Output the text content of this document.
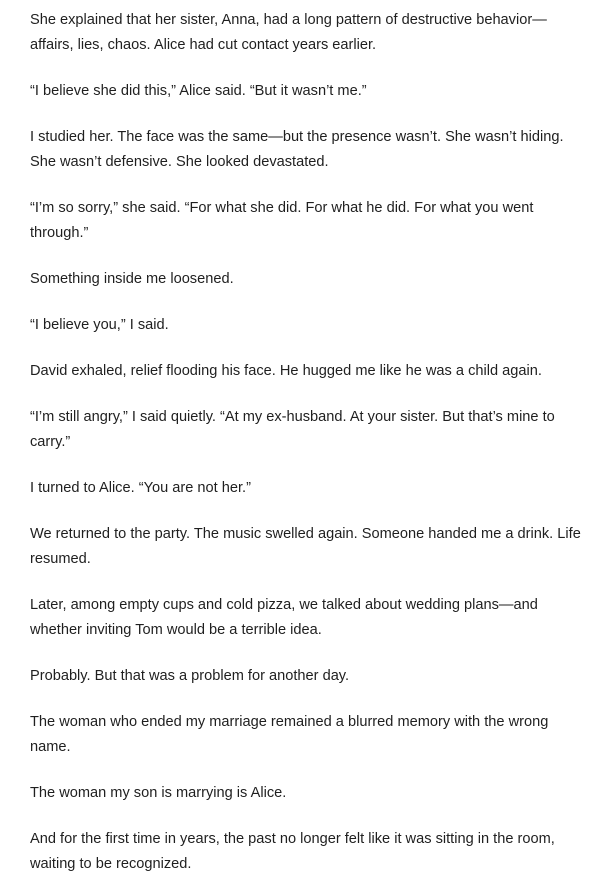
She explained that her sister, Anna, had a long pattern of destructive behavior—affairs, lies, chaos. Alice had cut contact years earlier.

“I believe she did this,” Alice said. “But it wasn’t me.”

I studied her. The face was the same—but the presence wasn’t. She wasn’t hiding. She wasn’t defensive. She looked devastated.

“I’m so sorry,” she said. “For what she did. For what he did. For what you went through.”

Something inside me loosened.

“I believe you,” I said.

David exhaled, relief flooding his face. He hugged me like he was a child again.

“I’m still angry,” I said quietly. “At my ex-husband. At your sister. But that’s mine to carry.”

I turned to Alice. “You are not her.”

We returned to the party. The music swelled again. Someone handed me a drink. Life resumed.

Later, among empty cups and cold pizza, we talked about wedding plans—and whether inviting Tom would be a terrible idea.

Probably. But that was a problem for another day.

The woman who ended my marriage remained a blurred memory with the wrong name.

The woman my son is marrying is Alice.

And for the first time in years, the past no longer felt like it was sitting in the room, waiting to be recognized.
